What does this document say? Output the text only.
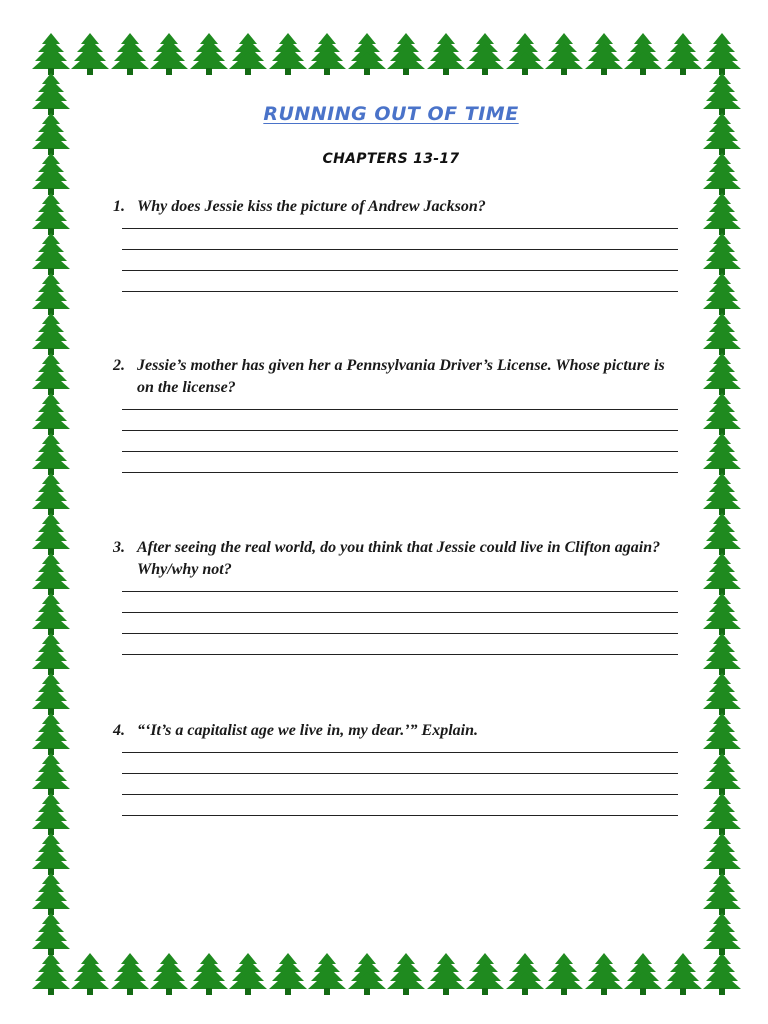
RUNNING OUT OF TIME
CHAPTERS 13-17
1. Why does Jessie kiss the picture of Andrew Jackson?
2. Jessie’s mother has given her a Pennsylvania Driver’s License. Whose picture is on the license?
3. After seeing the real world, do you think that Jessie could live in Clifton again? Why/why not?
4. “‘It’s a capitalist age we live in, my dear.’” Explain.
